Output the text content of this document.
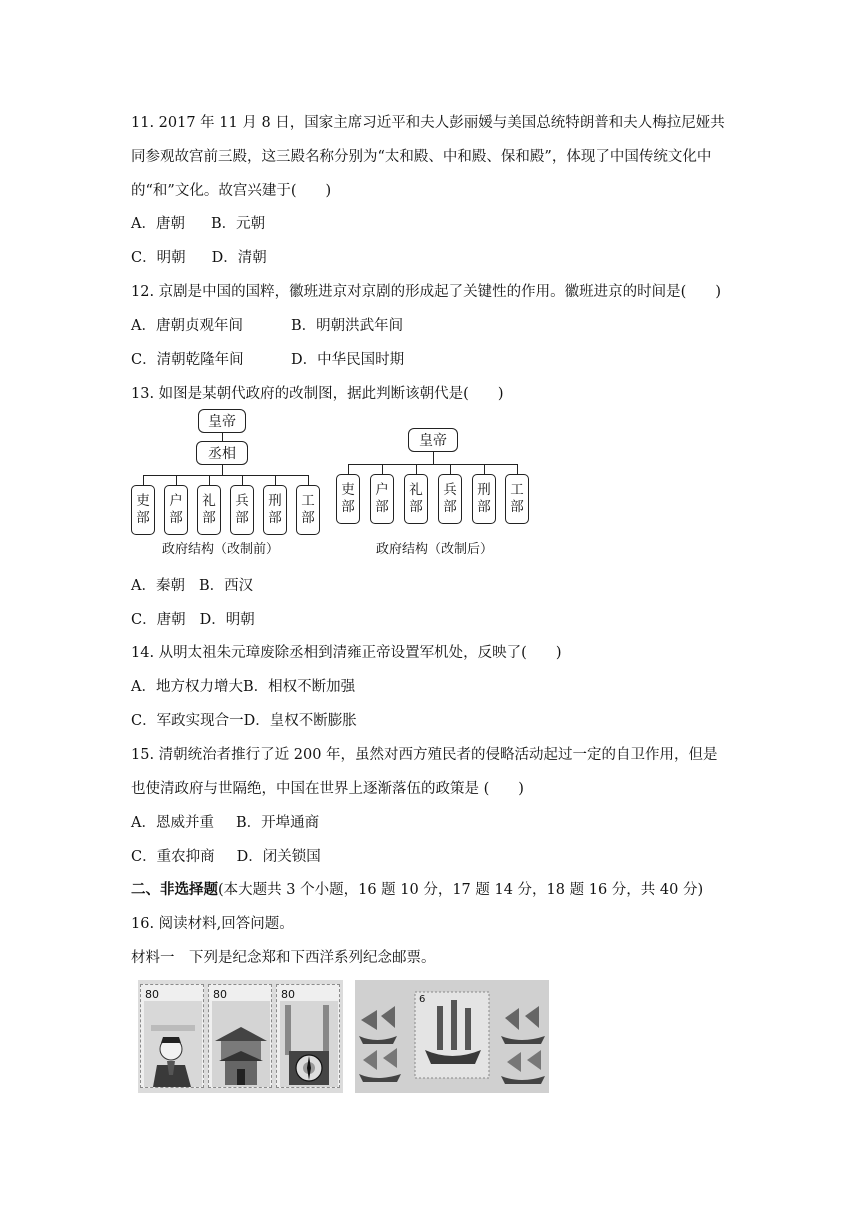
11. 2017 年 11 月 8 日，国家主席习近平和夫人彭丽媛与美国总统特朗普和夫人梅拉尼娅共
同参观故宫前三殿，这三殿名称分别为“太和殿、中和殿、保和殿”，体现了中国传统文化中
的“和”文化。故宫兴建于(　　)
A．唐朝 B．元朝
C．明朝 D．清朝
12. 京剧是中国的国粹，徽班进京对京剧的形成起了关键性的作用。徽班进京的时间是(　　)
A．唐朝贞观年间	B．明朝洪武年间
C．清朝乾隆年间	D．中华民国时期
13. 如图是某朝代政府的改制图，据此判断该朝代是(　　)
皇帝
丞相
吏
部
户
部
礼
部
兵
部
刑
部
工
部
政府结构（改制前）
皇帝
吏
部
户
部
礼
部
兵
部
刑
部
工
部
政府结构（改制后）
A．秦朝 B．西汉
C．唐朝 D．明朝
14. 从明太祖朱元璋废除丞相到清雍正帝设置军机处，反映了(　　)
A．地方权力增大B．相权不断加强
C．军政实现合一D．皇权不断膨胀
15. 清朝统治者推行了近 200 年，虽然对西方殖民者的侵略活动起过一定的自卫作用，但是
也使清政府与世隔绝，中国在世界上逐渐落伍的政策是 (　　)
A．恩威并重 B．开埠通商
C．重农抑商 D．闭关锁国
二、非选择题(本大题共 3 个小题，16 题 10 分，17 题 14 分，18 题 16 分，共 40 分)
16. 阅读材料,回答问题。
材料一　下列是纪念郑和下西洋系列纪念邮票。
80	80	80	6
